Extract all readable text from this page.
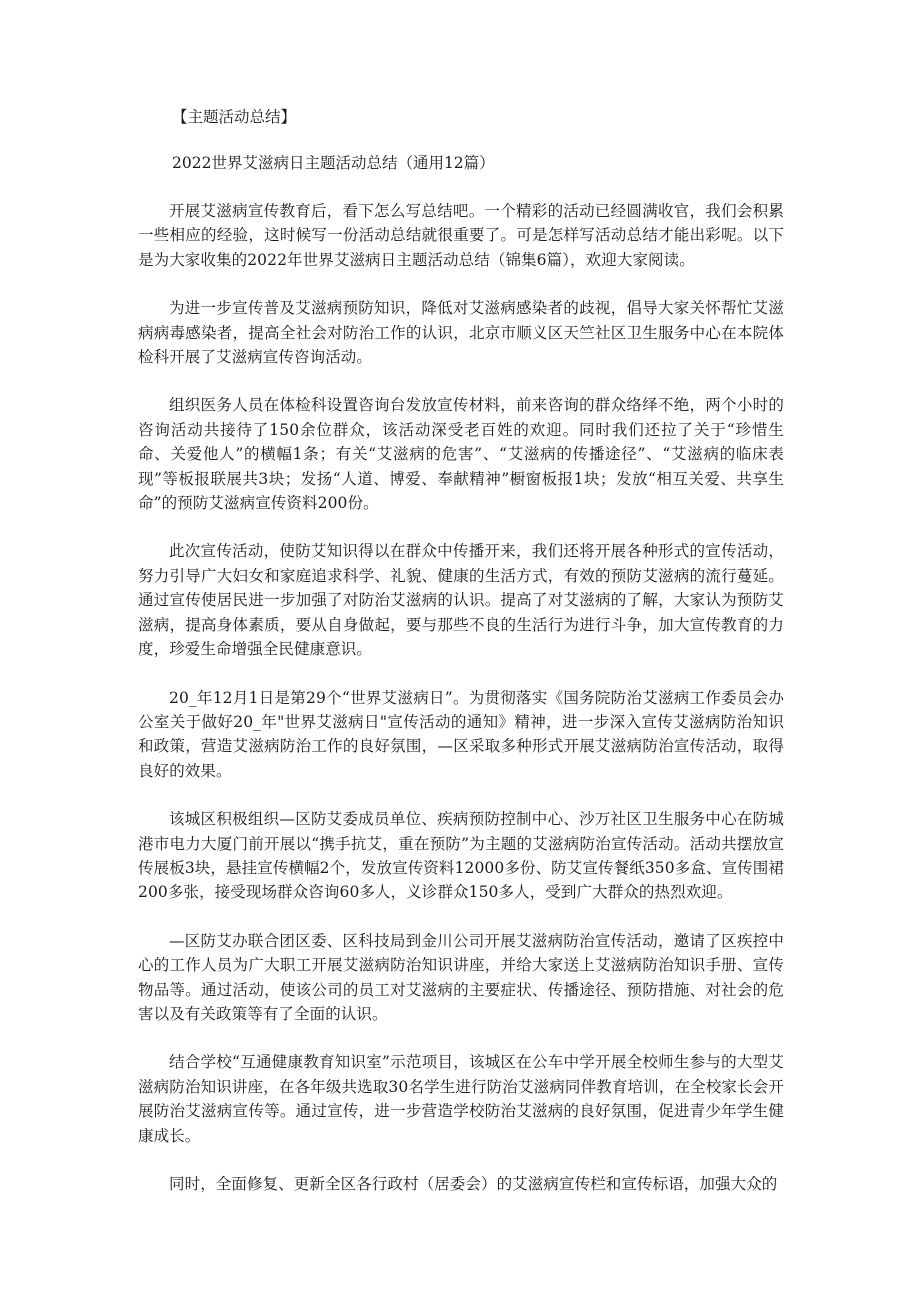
【主题活动总结】
2022世界艾滋病日主题活动总结（通用12篇）

开展艾滋病宣传教育后，看下怎么写总结吧。一个精彩的活动已经圆满收官，我们会积累一些相应的经验，这时候写一份活动总结就很重要了。可是怎样写活动总结才能出彩呢。以下是为大家收集的2022年世界艾滋病日主题活动总结（锦集6篇），欢迎大家阅读。

为进一步宣传普及艾滋病预防知识，降低对艾滋病感染者的歧视，倡导大家关怀帮忙艾滋病病毒感染者，提高全社会对防治工作的认识，北京市顺义区天竺社区卫生服务中心在本院体检科开展了艾滋病宣传咨询活动。

组织医务人员在体检科设置咨询台发放宣传材料，前来咨询的群众络绎不绝，两个小时的咨询活动共接待了150余位群众，该活动深受老百姓的欢迎。同时我们还拉了关于“珍惜生命、关爱他人”的横幅1条；有关“艾滋病的危害”、“艾滋病的传播途径”、“艾滋病的临床表现”等板报联展共3块；发扬“人道、博爱、奉献精神”橱窗板报1块；发放“相互关爱、共享生命”的预防艾滋病宣传资料200份。

此次宣传活动，使防艾知识得以在群众中传播开来，我们还将开展各种形式的宣传活动，努力引导广大妇女和家庭追求科学、礼貌、健康的生活方式，有效的预防艾滋病的流行蔓延。通过宣传使居民进一步加强了对防治艾滋病的认识。提高了对艾滋病的了解，大家认为预防艾滋病，提高身体素质，要从自身做起，要与那些不良的生活行为进行斗争，加大宣传教育的力度，珍爱生命增强全民健康意识。

20_年12月1日是第29个“世界艾滋病日”。为贯彻落实《国务院防治艾滋病工作委员会办公室关于做好20_年"世界艾滋病日"宣传活动的通知》精神，进一步深入宣传艾滋病防治知识和政策，营造艾滋病防治工作的良好氛围，—区采取多种形式开展艾滋病防治宣传活动，取得良好的效果。

该城区积极组织—区防艾委成员单位、疾病预防控制中心、沙万社区卫生服务中心在防城港市电力大厦门前开展以“携手抗艾，重在预防”为主题的艾滋病防治宣传活动。活动共摆放宣传展板3块，悬挂宣传横幅2个，发放宣传资料12000多份、防艾宣传餐纸350多盒、宣传围裙200多张，接受现场群众咨询60多人，义诊群众150多人，受到广大群众的热烈欢迎。

—区防艾办联合团区委、区科技局到金川公司开展艾滋病防治宣传活动，邀请了区疾控中心的工作人员为广大职工开展艾滋病防治知识讲座，并给大家送上艾滋病防治知识手册、宣传物品等。通过活动，使该公司的员工对艾滋病的主要症状、传播途径、预防措施、对社会的危害以及有关政策等有了全面的认识。

结合学校“互通健康教育知识室”示范项目，该城区在公车中学开展全校师生参与的大型艾滋病防治知识讲座，在各年级共选取30名学生进行防治艾滋病同伴教育培训，在全校家长会开展防治艾滋病宣传等。通过宣传，进一步营造学校防治艾滋病的良好氛围，促进青少年学生健康成长。

同时，全面修复、更新全区各行政村（居委会）的艾滋病宣传栏和宣传标语，加强大众的
